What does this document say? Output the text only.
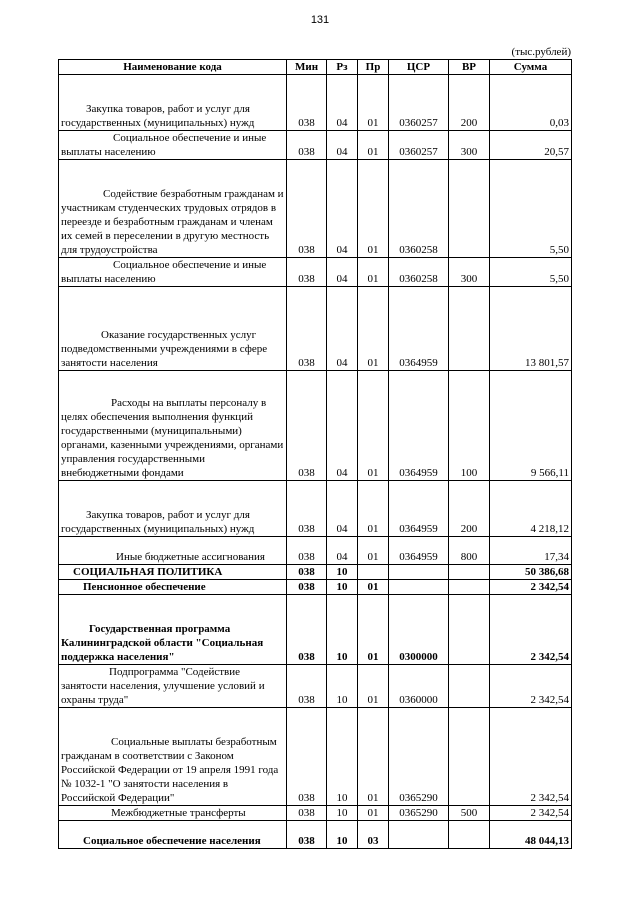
131
(тыс.рублей)
Наименование кода	Мин	Рз	Пр	ЦСР	ВР	Сумма

Закупка товаров, работ и услуг для государственных (муниципальных) нужд	038	04	01	0360257	200	0,03

Социальное обеспечение и иные выплаты населению	038	04	01	0360257	300	20,57

Содействие безработным гражданам и участникам студенческих трудовых отрядов в переезде и безработным гражданам и членам их семей в переселении в другую местность для трудоустройства	038	04	01	0360258		5,50

Социальное обеспечение и иные выплаты населению	038	04	01	0360258	300	5,50

Оказание государственных услуг подведомственными учреждениями в сфере занятости населения	038	04	01	0364959		13 801,57

Расходы на выплаты персоналу в целях обеспечения выполнения функций государственными (муниципальными) органами, казенными учреждениями, органами управления государственными внебюджетными фондами	038	04	01	0364959	100	9 566,11

Закупка товаров, работ и услуг для государственных (муниципальных) нужд	038	04	01	0364959	200	4 218,12

Иные бюджетные ассигнования	038	04	01	0364959	800	17,34

СОЦИАЛЬНАЯ ПОЛИТИКА	038	10				50 386,68

Пенсионное обеспечение	038	10	01			2 342,54

Государственная программа Калининградской области "Социальная поддержка населения"	038	10	01	0300000		2 342,54

Подпрограмма "Содействие занятости населения, улучшение условий и охраны труда"	038	10	01	0360000		2 342,54

Социальные выплаты безработным гражданам в соответствии с Законом Российской Федерации от 19 апреля 1991 года № 1032-1 "О занятости населения в Российской Федерации"	038	10	01	0365290		2 342,54

Межбюджетные трансферты	038	10	01	0365290	500	2 342,54

Социальное обеспечение населения	038	10	03			48 044,13
